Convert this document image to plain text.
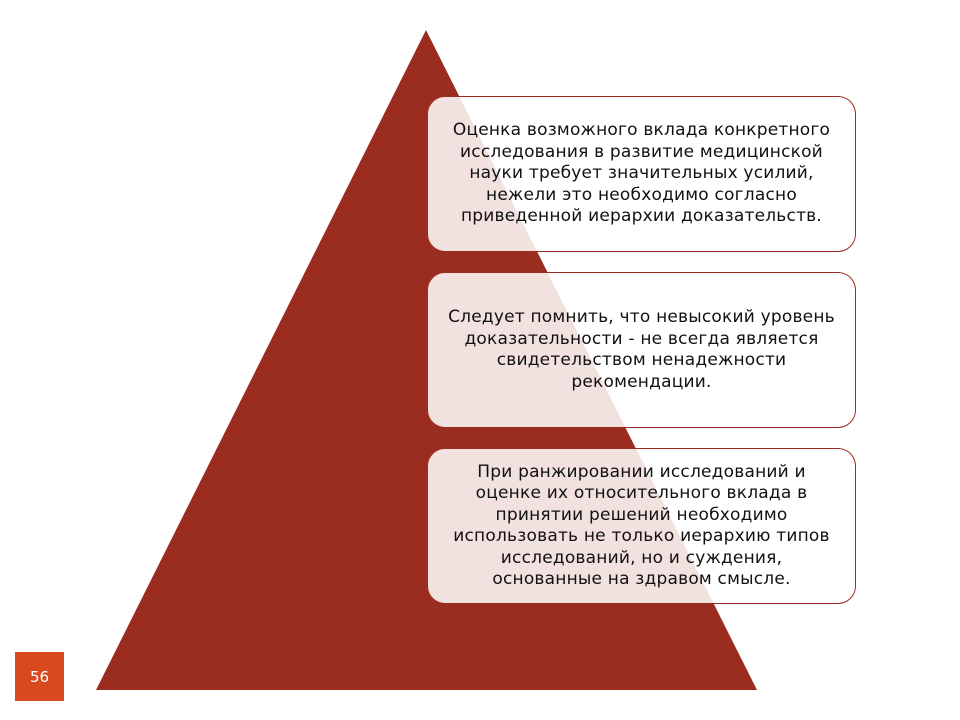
Оценка возможного вклада конкретного исследования в развитие медицинской науки требует значительных усилий, нежели это необходимо согласно приведенной иерархии доказательств.
Следует помнить, что невысокий уровень доказательности - не всегда является свидетельством ненадежности рекомендации.
При ранжировании исследований и оценке их относительного вклада в принятии решений необходимо использовать не только иерархию типов исследований, но и суждения, основанные на здравом смысле.
56
